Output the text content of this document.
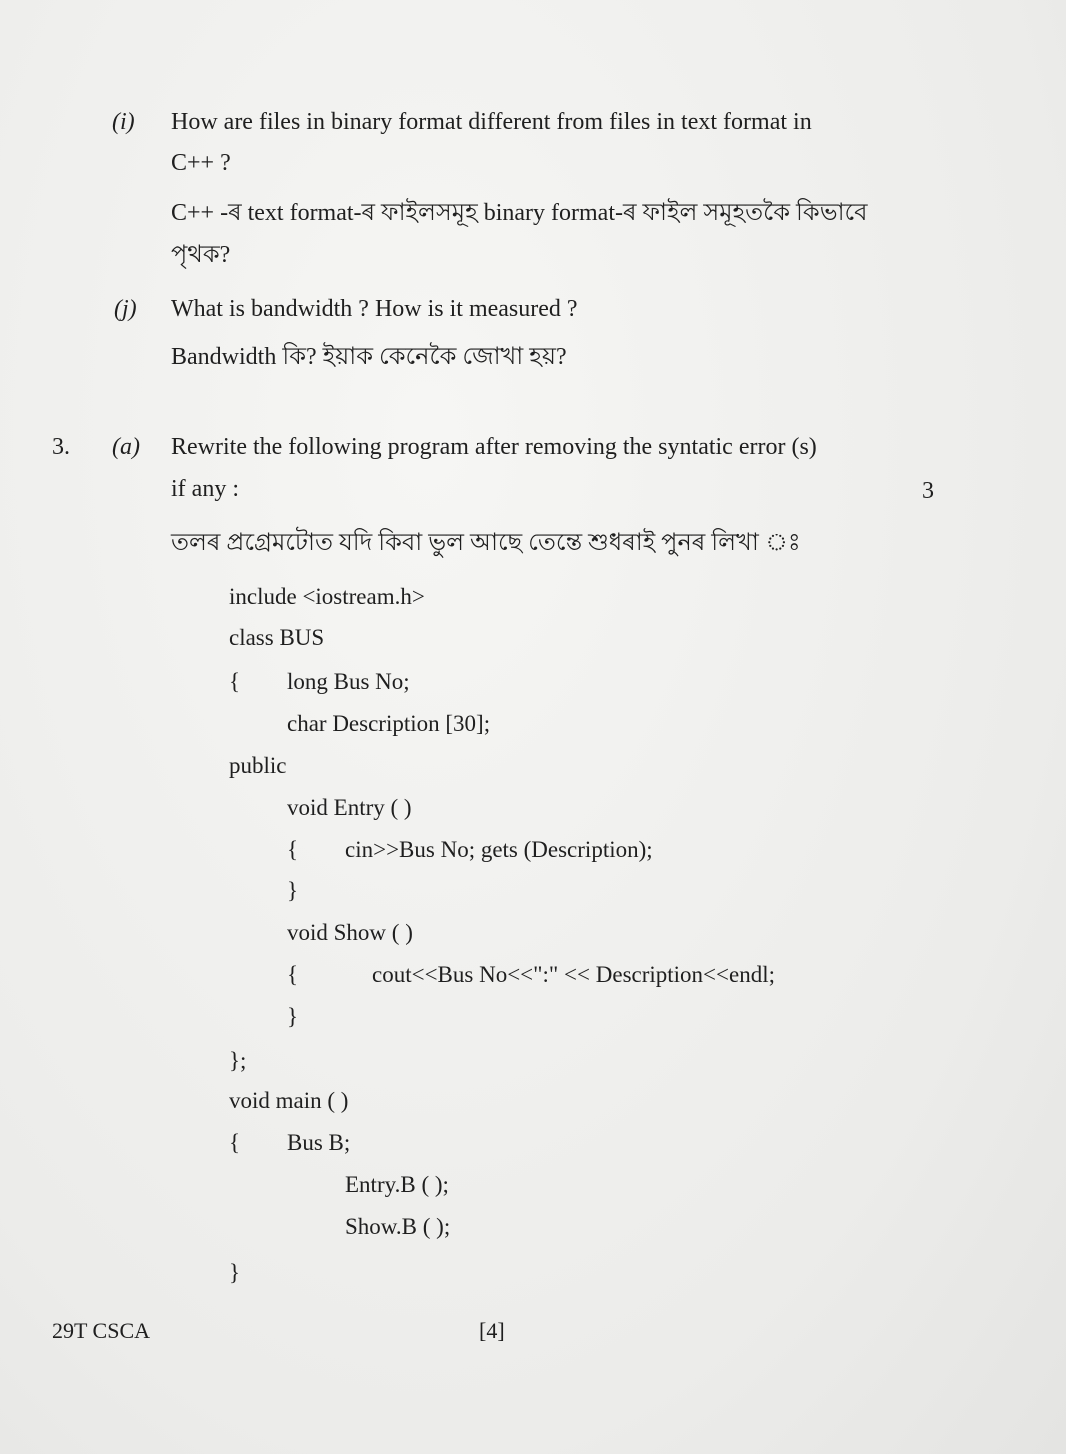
(i) How are files in binary format different from files in text format in
C++ ?
C++ -ৰ text format-ৰ ফাইলসমূহ binary format-ৰ ফাইল সমূহতকৈ কিভাবে
পৃথক?
(j) What is bandwidth ? How is it measured ?
Bandwidth কি? ইয়াক কেনেকৈ জোখা হয়?
3. (a) Rewrite the following program after removing the syntatic error (s)
if any :	3
তলৰ প্ৰগ্ৰেমটোত যদি কিবা ভুল আছে তেন্তে শুধৰাই পুনৰ লিখা ঃ
include <iostream.h>
class BUS
{ long Bus No;
char Description [30];
public
void Entry ( )
{ cin>>Bus No; gets (Description);
}
void Show ( )
{	cout<<Bus No<<":" << Description<<endl;
}
};
void main ( )
{ Bus B;
Entry.B ( );
Show.B ( );
}
29T CSCA	[4]
